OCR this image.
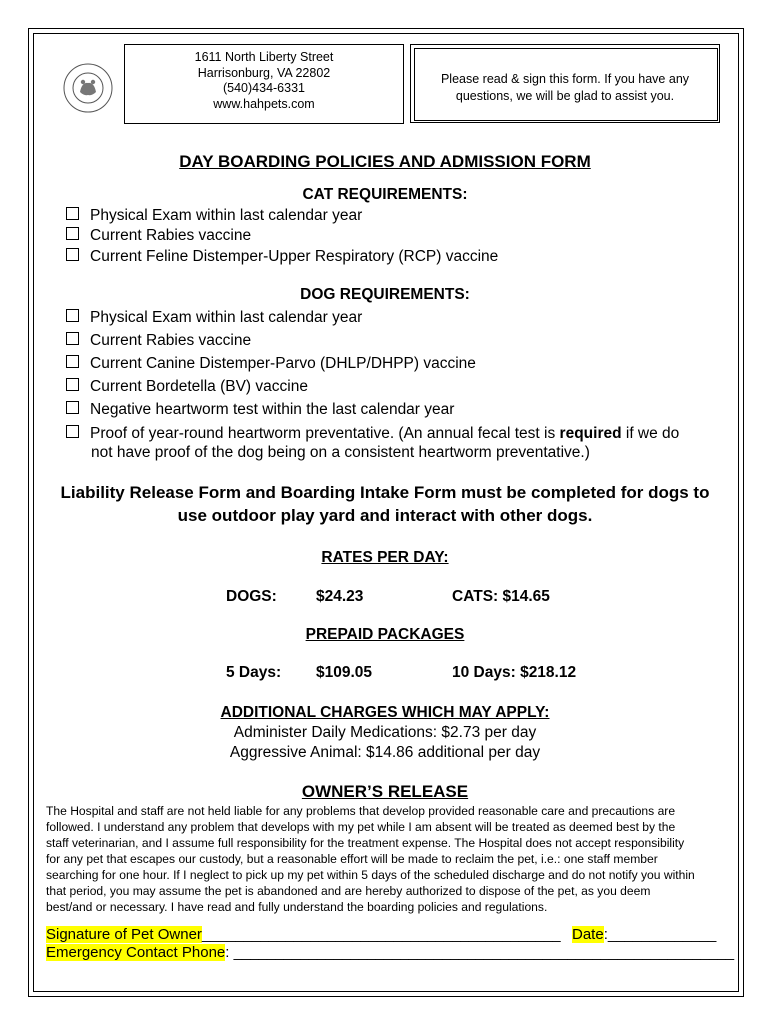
1611 North Liberty Street
Harrisonburg, VA 22802
(540)434-6331
www.hahpets.com
Please read & sign this form. If you have any questions, we will be glad to assist you.
DAY BOARDING POLICIES AND ADMISSION FORM
CAT REQUIREMENTS:
Physical Exam within last calendar year
Current Rabies vaccine
Current Feline Distemper-Upper Respiratory (RCP) vaccine
DOG REQUIREMENTS:
Physical Exam within last calendar year
Current Rabies vaccine
Current Canine Distemper-Parvo (DHLP/DHPP) vaccine
Current Bordetella (BV) vaccine
Negative heartworm test within the last calendar year
Proof of year-round heartworm preventative. (An annual fecal test is required if we do
not have proof of the dog being on a consistent heartworm preventative.)
Liability Release Form and Boarding Intake Form must be completed for dogs to
use outdoor play yard and interact with other dogs.
RATES PER DAY:
DOGS:	$24.23	CATS: $14.65
PREPAID PACKAGES
5 Days: $109.05	10 Days: $218.12
ADDITIONAL CHARGES WHICH MAY APPLY:
Administer Daily Medications: $2.73 per day
Aggressive Animal: $14.86 additional per day
OWNER’S RELEASE
The Hospital and staff are not held liable for any problems that develop provided reasonable care and precautions are
followed. I understand any problem that develops with my pet while I am absent will be treated as deemed best by the
staff veterinarian, and I assume full responsibility for the treatment expense. The Hospital does not accept responsibility
for any pet that escapes our custody, but a reasonable effort will be made to reclaim the pet, i.e.: one staff member
searching for one hour. If I neglect to pick up my pet within 5 days of the scheduled discharge and do not notify you within
that period, you may assume the pet is abandoned and are hereby authorized to dispose of the pet, as you deem
best/and or necessary. I have read and fully understand the boarding policies and regulations.
Signature of Pet Owner___________________________________________ Date:_____________
Emergency Contact Phone: ____________________________________________________________
